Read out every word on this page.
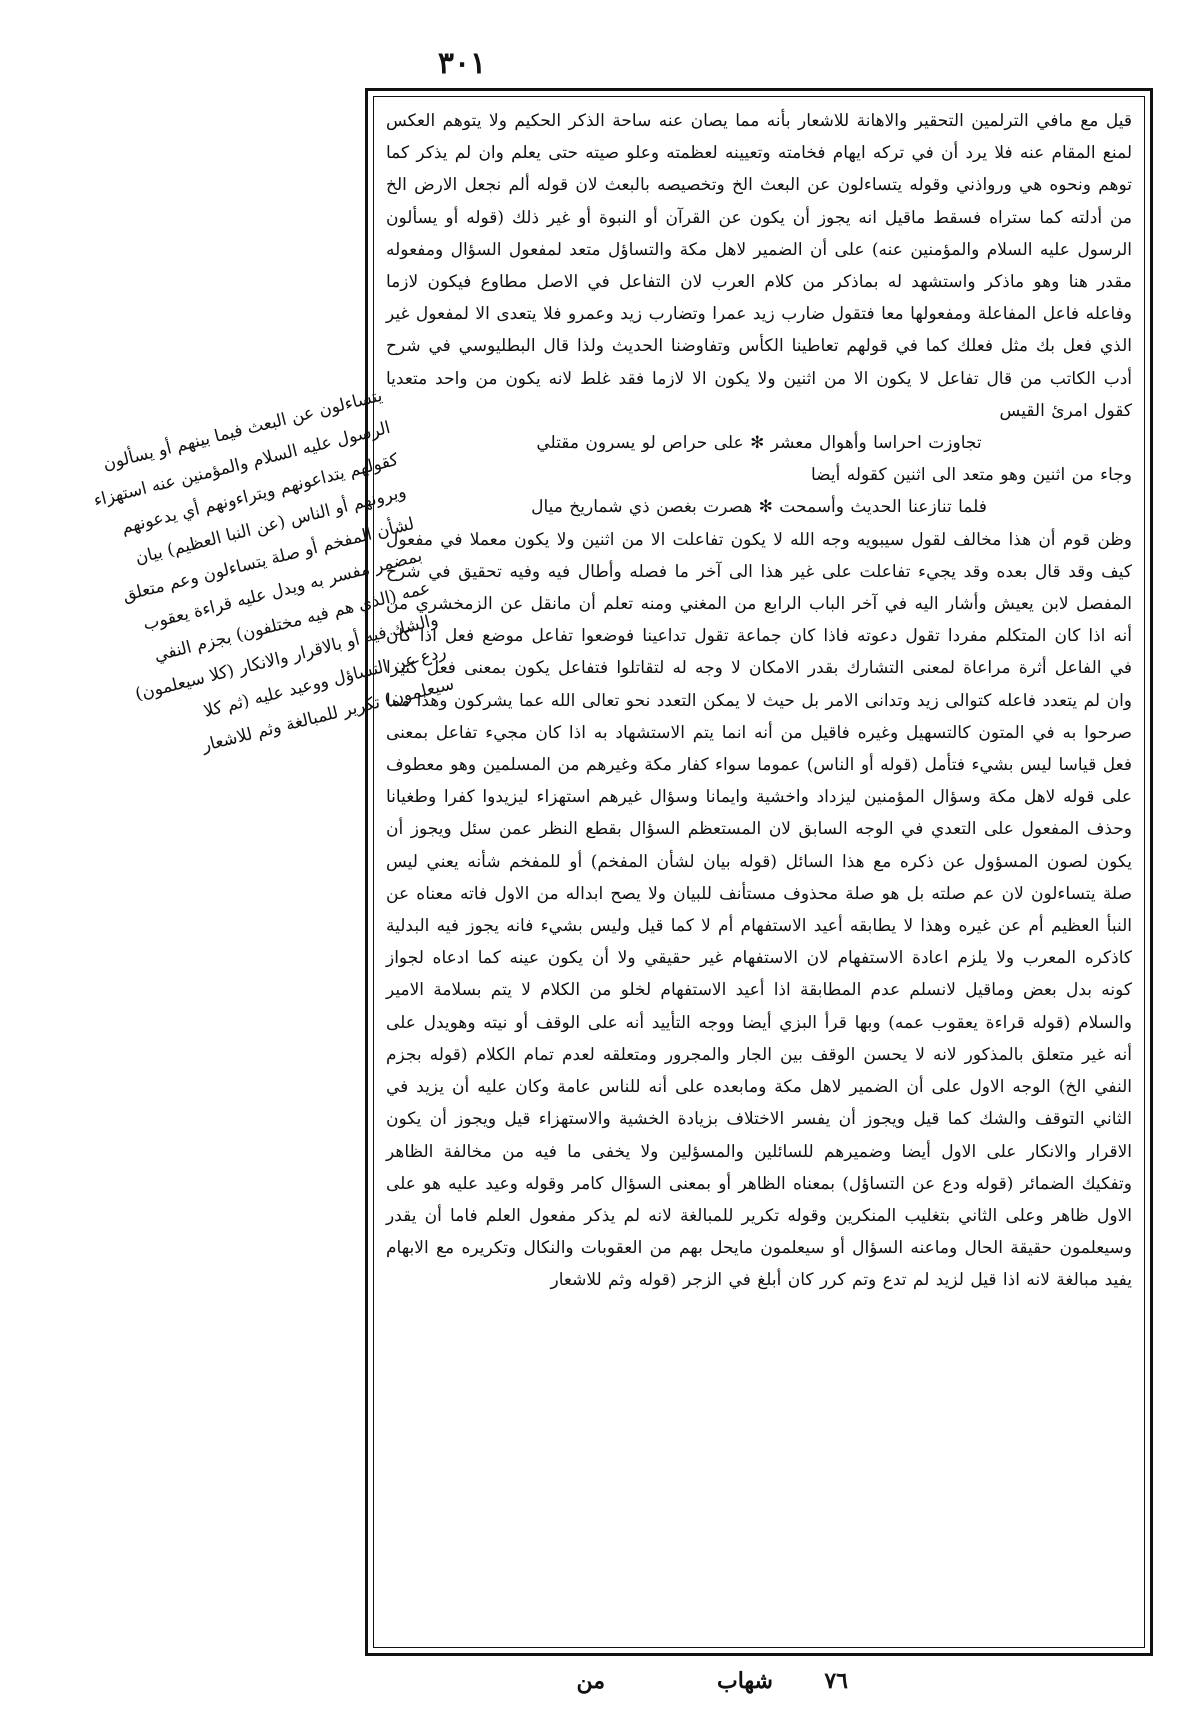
٣٠١
يتساءلون عن البعث فيما بينهم أو يسألون الرسول عليه السلام والمؤمنين عنه استهزاء كقولهم يتداعونهم ويتراءونهم أي يدعونهم ويرونهم أو الناس (عن النبا العظيم) بيان لشأن المفخم أو صلة يتساءلون وعم متعلق بمضمر مفسر به ويدل عليه قراءة يعقوب عمه (الذي هم فيه مختلفون) بجزم النفي والشك فيه أو بالاقرار والانكار (كلا سيعلمون) ردع عن التساؤل ووعيد عليه (ثم كلا سيعلمون) تكرير للمبالغة وثم للاشعار

قيل مع مافي الترلمين التحقير والاهانة للاشعار بأنه مما يصان عنه ساحة الذكر الحكيم ولا يتوهم العكس لمنع المقام عنه فلا يرد أن في تركه ايهام فخامته وتعيينه لعظمته وعلو صيته حتى يعلم وان لم يذكر كما توهم ونحوه هي ورواذني وقوله يتساءلون عن البعث الخ وتخصيصه بالبعث لان قوله ألم نجعل الارض الخ من أدلته كما ستراه فسقط ماقيل انه يجوز أن يكون عن القرآن أو النبوة أو غير ذلك (قوله أو يسألون الرسول عليه السلام والمؤمنين عنه) على أن الضمير لاهل مكة والتساؤل متعد لمفعول السؤال ومفعوله مقدر هنا وهو ماذكر واستشهد له بماذكر من كلام العرب لان التفاعل في الاصل مطاوع فيكون لازما وفاعله فاعل المفاعلة ومفعولها معا فتقول ضارب زيد عمرا وتضارب زيد وعمرو فلا يتعدى الا لمفعول غير الذي فعل بك مثل فعلك كما في قولهم تعاطينا الكأس وتفاوضنا الحديث ولذا قال البطليوسي في شرح أدب الكاتب من قال تفاعل لا يكون الا من اثنين ولا يكون الا لازما فقد غلط لانه يكون من واحد متعديا كقول امرئ القيس

تجاوزت احراسا وأهوال معشر ✻ على حراص لو يسرون مقتلي

وجاء من اثنين وهو متعد الى اثنين كقوله أيضا

فلما تنازعنا الحديث وأسمحت ✻ هصرت بغصن ذي شماريخ ميال

وظن قوم أن هذا مخالف لقول سيبويه وجه الله لا يكون تفاعلت الا من اثنين ولا يكون معملا في مفعول كيف وقد قال بعده وقد يجيء تفاعلت على غير هذا الى آخر ما فصله وأطال فيه وفيه تحقيق في شرح المفصل لابن يعيش وأشار اليه في آخر الباب الرابع من المغني ومنه تعلم أن مانقل عن الزمخشري من أنه اذا كان المتكلم مفردا تقول دعوته فاذا كان جماعة تقول تداعينا فوضعوا تفاعل موضع فعل اذا كان في الفاعل أثرة مراعاة لمعنى التشارك بقدر الامكان لا وجه له لتقاتلوا فتفاعل يكون بمعنى فعل كثيرا وان لم يتعدد فاعله كتوالى زيد وتدانى الامر بل حيث لا يمكن التعدد نحو تعالى الله عما يشركون وهذا مما صرحوا به في المتون كالتسهيل وغيره فاقيل من أنه انما يتم الاستشهاد به اذا كان مجيء تفاعل بمعنى فعل قياسا ليس بشيء فتأمل (قوله أو الناس) عموما سواء كفار مكة وغيرهم من المسلمين وهو معطوف على قوله لاهل مكة وسؤال المؤمنين ليزداد واخشية وايمانا وسؤال غيرهم استهزاء ليزيدوا كفرا وطغيانا وحذف المفعول على التعدي في الوجه السابق لان المستعظم السؤال بقطع النظر عمن سئل ويجوز أن يكون لصون المسؤول عن ذكره مع هذا السائل (قوله بيان لشأن المفخم) أو للمفخم شأنه يعني ليس صلة يتساءلون لان عم صلته بل هو صلة محذوف مستأنف للبيان ولا يصح ابداله من الاول فاته معناه عن النبأ العظيم أم عن غيره وهذا لا يطابقه أعيد الاستفهام أم لا كما قيل وليس بشيء فانه يجوز فيه البدلية كاذكره المعرب ولا يلزم اعادة الاستفهام لان الاستفهام غير حقيقي ولا أن يكون عينه كما ادعاه لجواز كونه بدل بعض وماقيل لانسلم عدم المطابقة اذا أعيد الاستفهام لخلو من الكلام لا يتم بسلامة الامير والسلام (قوله قراءة يعقوب عمه) وبها قرأ البزي أيضا ووجه التأييد أنه على الوقف أو نيته وهويدل على أنه غير متعلق بالمذكور لانه لا يحسن الوقف بين الجار والمجرور ومتعلقه لعدم تمام الكلام (قوله بجزم النفي الخ) الوجه الاول على أن الضمير لاهل مكة ومابعده على أنه للناس عامة وكان عليه أن يزيد في الثاني التوقف والشك كما قيل ويجوز أن يفسر الاختلاف بزيادة الخشية والاستهزاء قيل ويجوز أن يكون الاقرار والانكار على الاول أيضا وضميرهم للسائلين والمسؤلين ولا يخفى ما فيه من مخالفة الظاهر وتفكيك الضمائر (قوله ودع عن التساؤل) بمعناه الظاهر أو بمعنى السؤال كامر وقوله وعيد عليه هو على الاول ظاهر وعلى الثاني بتغليب المنكرين وقوله تكرير للمبالغة لانه لم يذكر مفعول العلم فاما أن يقدر وسيعلمون حقيقة الحال وماعنه السؤال أو سيعلمون مايحل بهم من العقوبات والنكال وتكريره مع الابهام يفيد مبالغة لانه اذا قيل لزيد لم تدع وتم كرر كان أبلغ في الزجر (قوله وثم للاشعار

٧٦
شهاب
من
